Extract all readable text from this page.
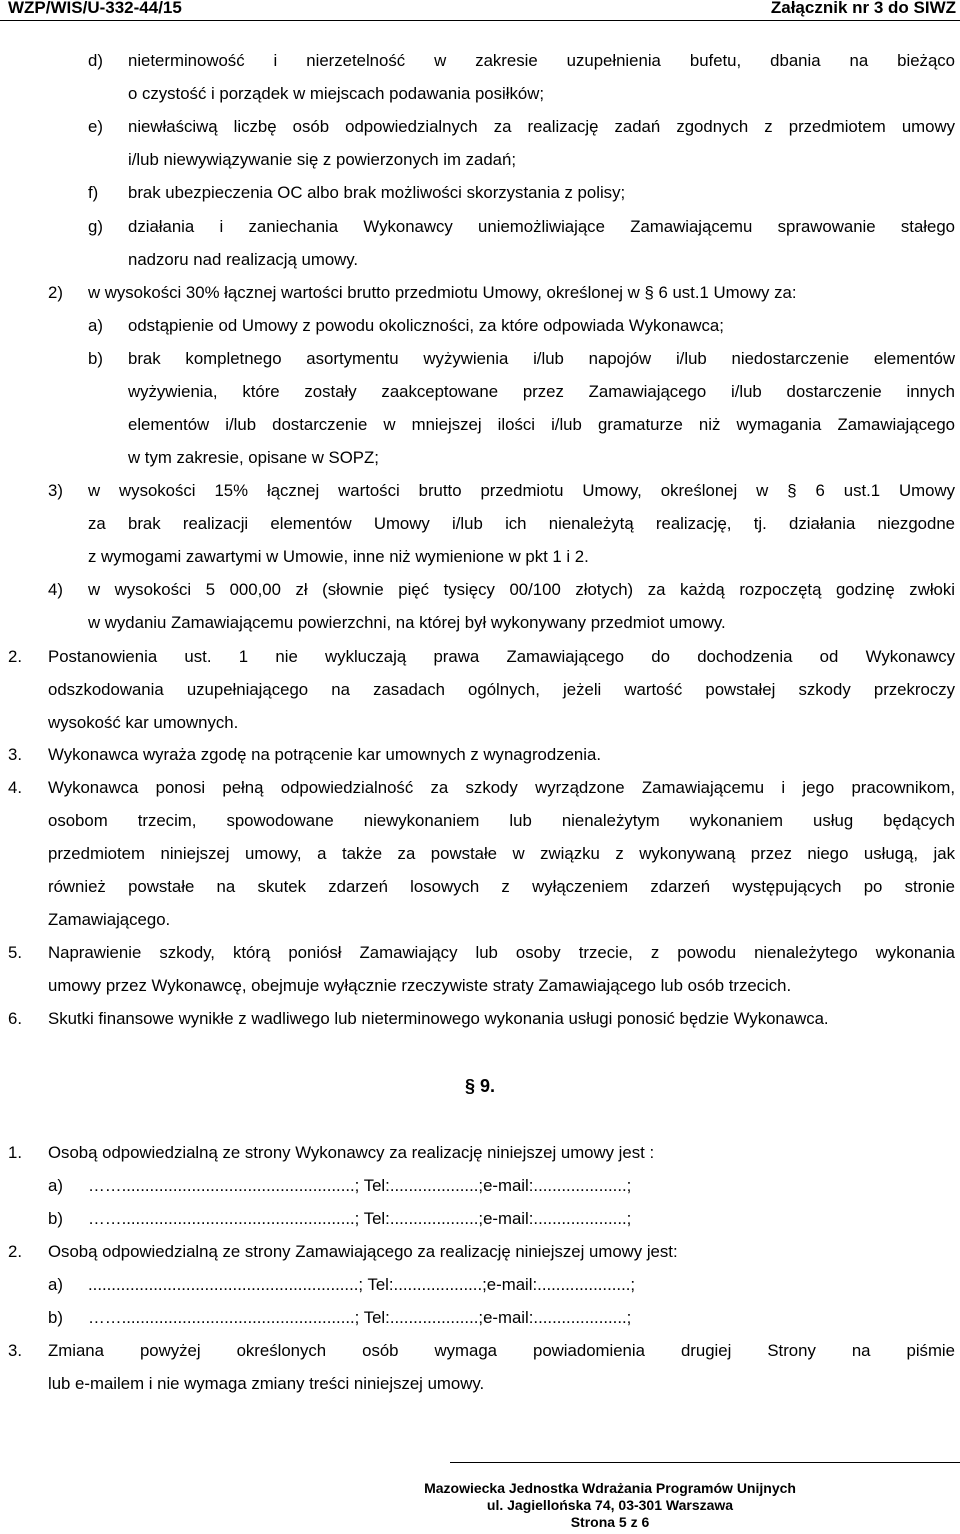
WZP/WIS/U-332-44/15	Załącznik nr 3 do SIWZ
d) nieterminowość i nierzetelność w zakresie uzupełnienia bufetu, dbania na bieżąco
o czystość i porządek w miejscach podawania posiłków;
e) niewłaściwą liczbę osób odpowiedzialnych za realizację zadań zgodnych z przedmiotem umowy
i/lub niewywiązywanie się z powierzonych im zadań;
f) brak ubezpieczenia OC albo brak możliwości skorzystania z polisy;
g) działania i zaniechania Wykonawcy uniemożliwiające Zamawiającemu sprawowanie stałego
nadzoru nad realizacją umowy.
2) w wysokości 30% łącznej wartości brutto przedmiotu Umowy, określonej w § 6 ust.1 Umowy za:
a) odstąpienie od Umowy z powodu okoliczności, za które odpowiada Wykonawca;
b) brak kompletnego asortymentu wyżywienia i/lub napojów i/lub niedostarczenie elementów
wyżywienia, które zostały zaakceptowane przez Zamawiającego i/lub dostarczenie innych
elementów i/lub dostarczenie w mniejszej ilości i/lub gramaturze niż wymagania Zamawiającego
w tym zakresie, opisane w SOPZ;
3) w wysokości 15% łącznej wartości brutto przedmiotu Umowy, określonej w § 6 ust.1 Umowy
za brak realizacji elementów Umowy i/lub ich nienależytą realizację, tj. działania niezgodne
z wymogami zawartymi w Umowie, inne niż wymienione w pkt 1 i 2.
4) w wysokości 5 000,00 zł (słownie pięć tysięcy 00/100 złotych) za każdą rozpoczętą godzinę zwłoki
w wydaniu Zamawiającemu powierzchni, na której był wykonywany przedmiot umowy.
2. Postanowienia ust. 1 nie wykluczają prawa Zamawiającego do dochodzenia od Wykonawcy
odszkodowania uzupełniającego na zasadach ogólnych, jeżeli wartość powstałej szkody przekroczy
wysokość kar umownych.
3. Wykonawca wyraża zgodę na potrącenie kar umownych z wynagrodzenia.
4. Wykonawca ponosi pełną odpowiedzialność za szkody wyrządzone Zamawiającemu i jego pracownikom,
osobom trzecim, spowodowane niewykonaniem lub nienależytym wykonaniem usług będących
przedmiotem niniejszej umowy, a także za powstałe w związku z wykonywaną przez niego usługą, jak
również powstałe na skutek zdarzeń losowych z wyłączeniem zdarzeń występujących po stronie
Zamawiającego.
5. Naprawienie szkody, którą poniósł Zamawiający lub osoby trzecie, z powodu nienależytego wykonania
umowy przez Wykonawcę, obejmuje wyłącznie rzeczywiste straty Zamawiającego lub osób trzecich.
6. Skutki finansowe wynikłe z wadliwego lub nieterminowego wykonania usługi ponosić będzie Wykonawca.
1. Osobą odpowiedzialną ze strony Wykonawcy za realizację niniejszej umowy jest :
a) ……..................................................; Tel:...................;e-mail:....................;
b) ……..................................................; Tel:...................;e-mail:....................;
2. Osobą odpowiedzialną ze strony Zamawiającego za realizację niniejszej umowy jest:
a) ..........................................................; Tel:...................;e-mail:....................;
b) ……..................................................; Tel:...................;e-mail:....................;
3. Zmiana powyżej określonych osób wymaga powiadomienia drugiej Strony na piśmie
lub e-mailem i nie wymaga zmiany treści niniejszej umowy.
§ 9.
Mazowiecka Jednostka Wdrażania Programów Unijnych
ul. Jagiellońska 74, 03-301 Warszawa
Strona 5 z 6
